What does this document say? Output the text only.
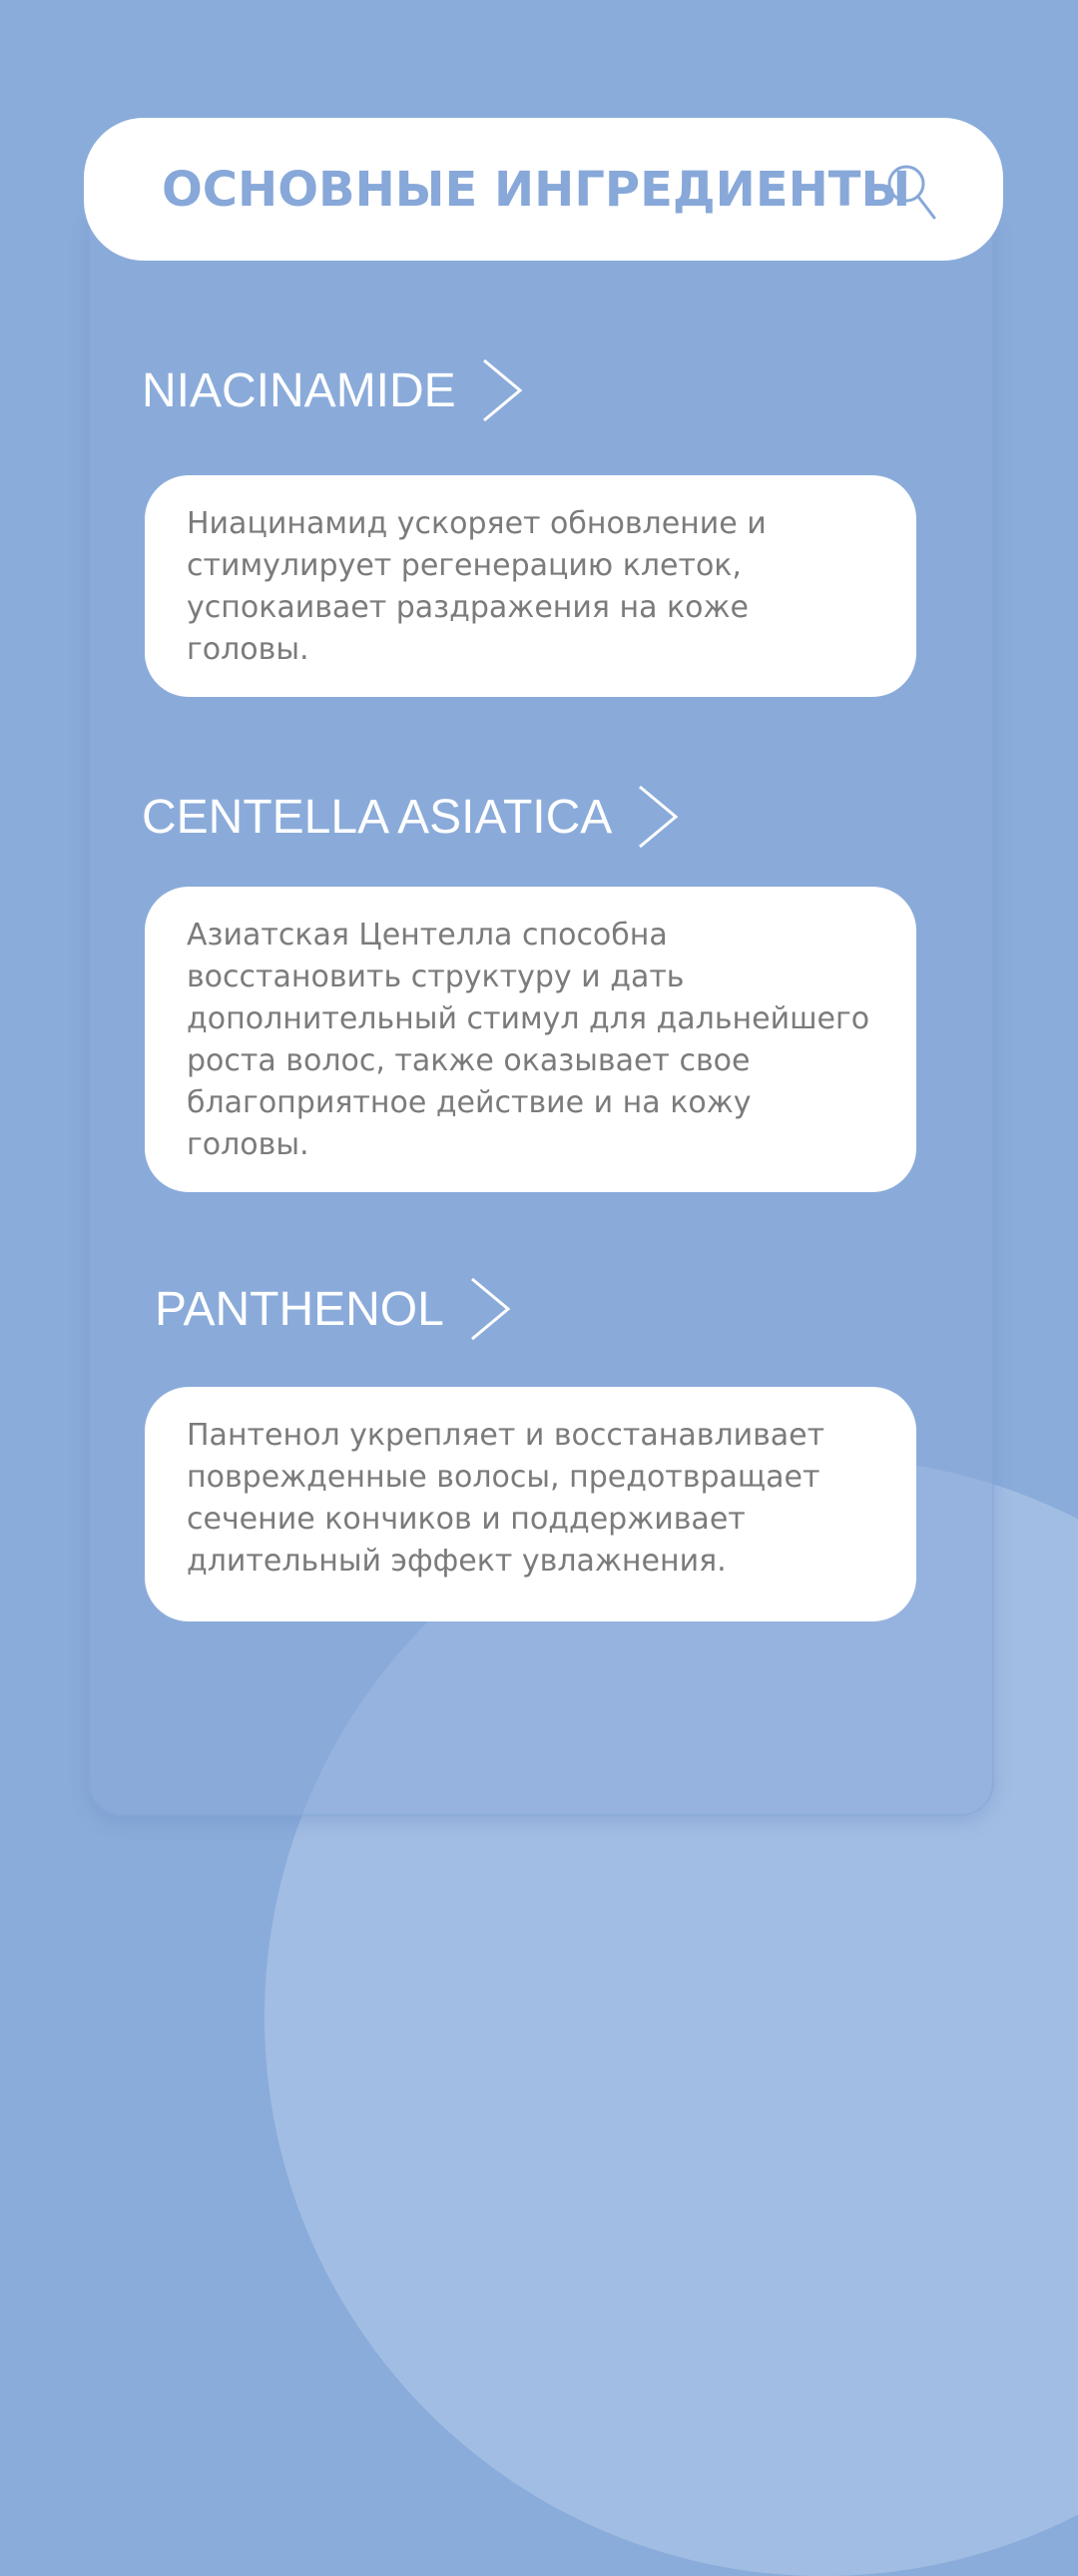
ОСНОВНЫЕ ИНГРЕДИЕНТЫ
NIACINAMIDE

Ниацинамид ускоряет обновление и
стимулирует регенерацию клеток,
успокаивает раздражения на коже
головы.

CENTELLA ASIATICA

Азиатская Центелла способна
восстановить структуру и дать
дополнительный стимул для дальнейшего
роста волос, также оказывает свое
благоприятное действие и на кожу
головы.

PANTHENOL

Пантенол укрепляет и восстанавливает
поврежденные волосы, предотвращает
сечение кончиков и поддерживает
длительный эффект увлажнения.
